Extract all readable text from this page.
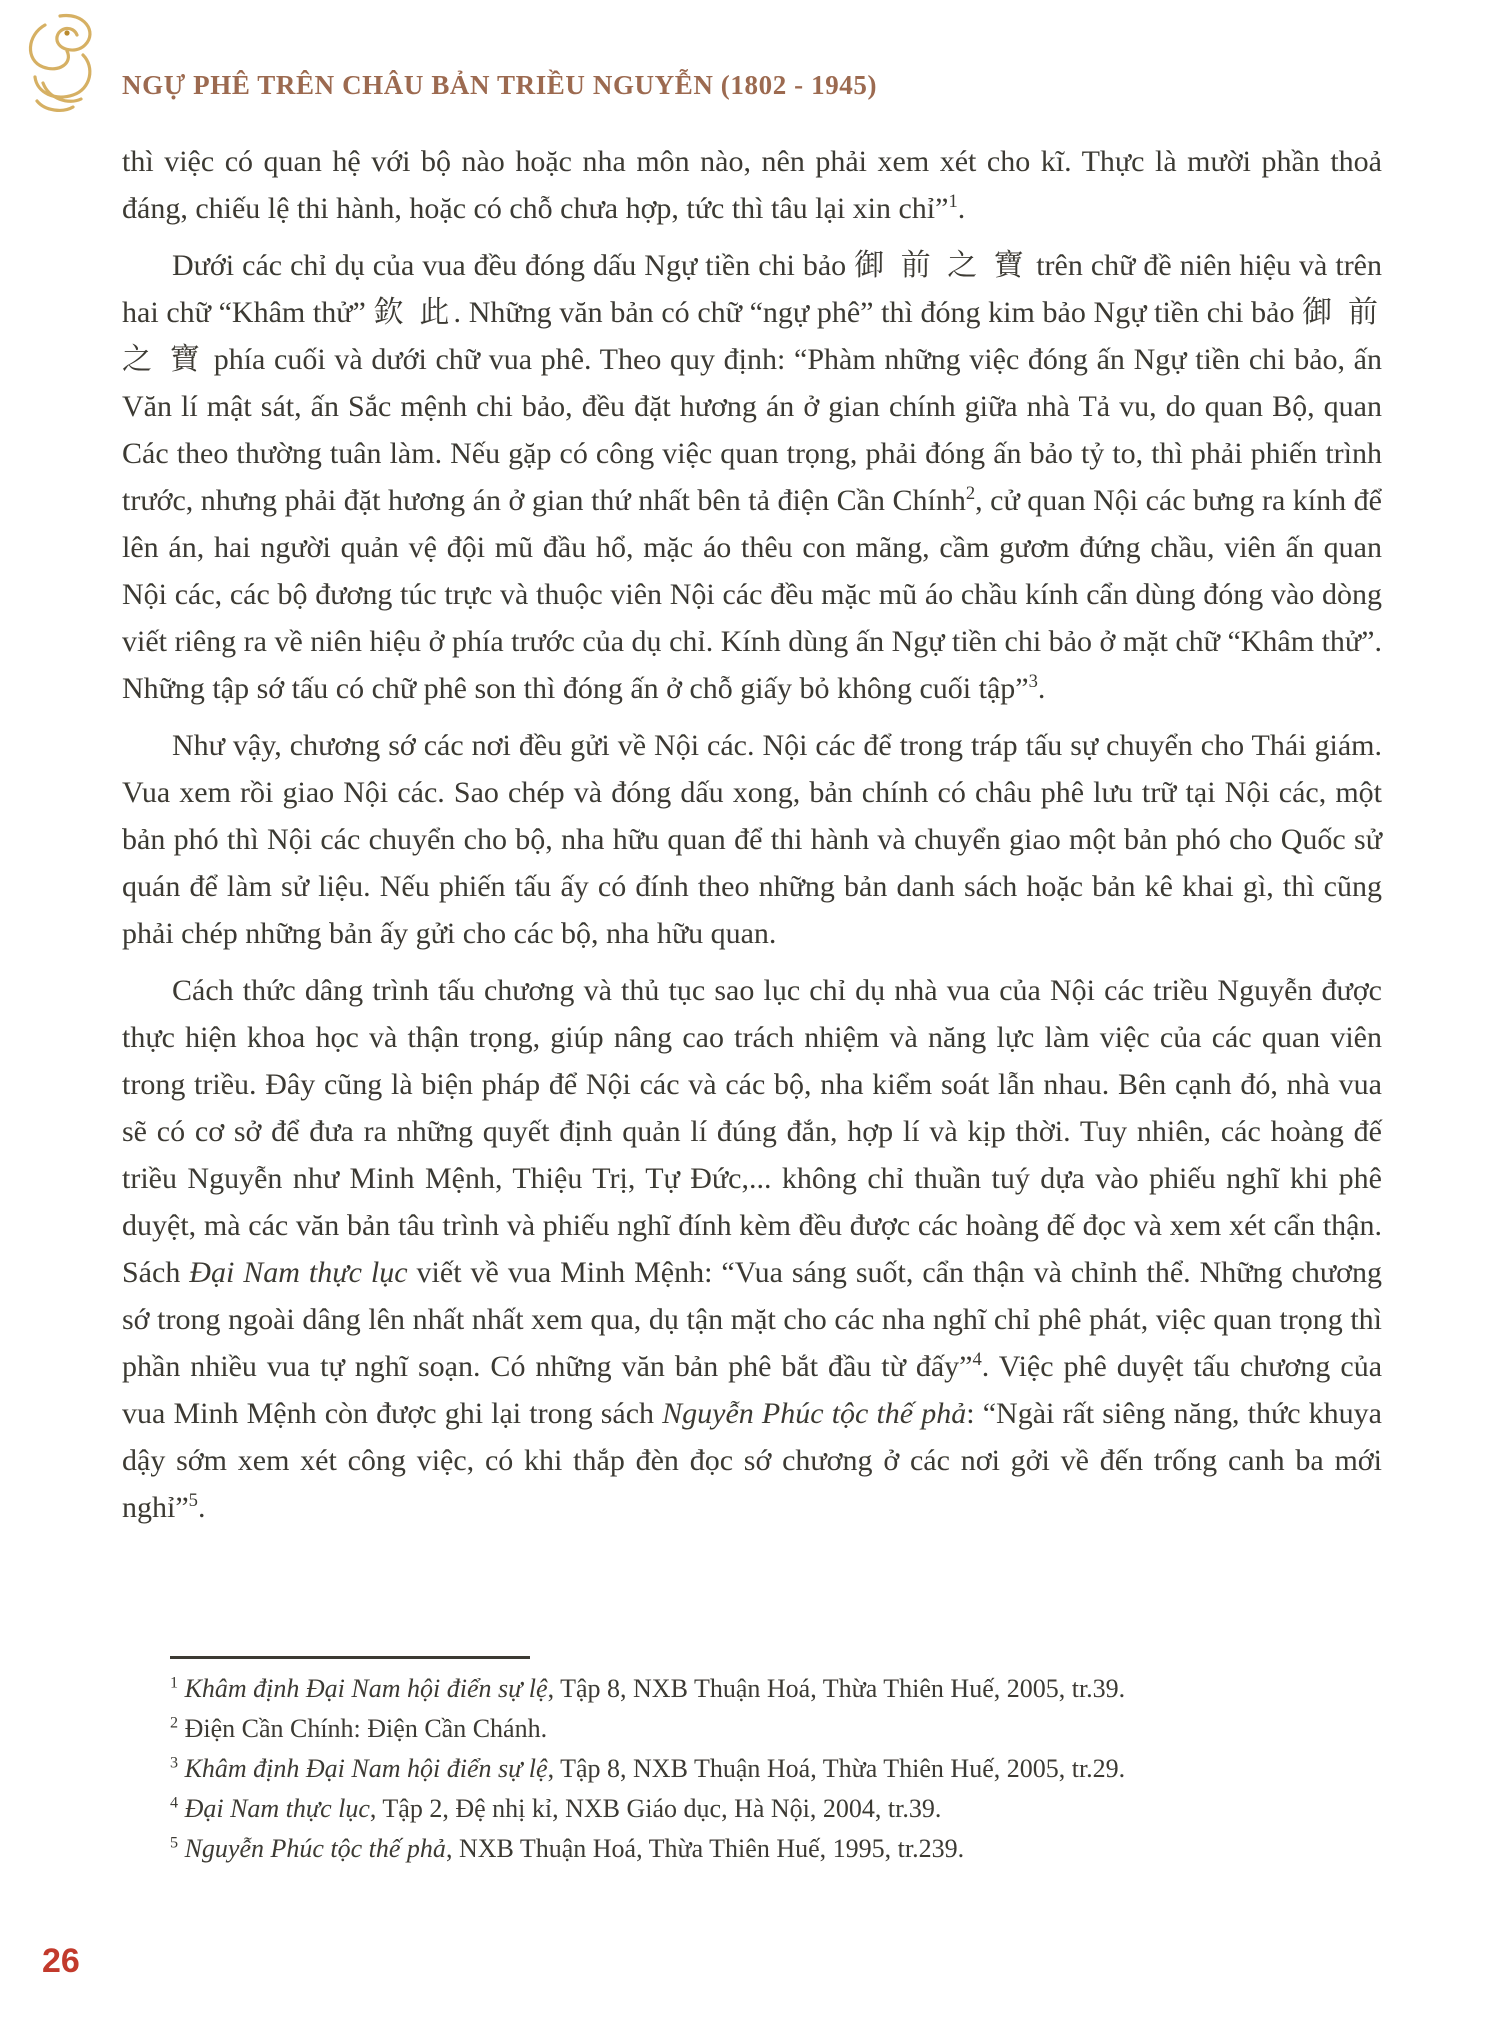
NGỰ PHÊ TRÊN CHÂU BẢN TRIỀU NGUYỄN (1802 - 1945)

thì việc có quan hệ với bộ nào hoặc nha môn nào, nên phải xem xét cho kĩ. Thực là mười phần thoả đáng, chiếu lệ thi hành, hoặc có chỗ chưa hợp, tức thì tâu lại xin chỉ”$^1$.

Dưới các chỉ dụ của vua đều đóng dấu Ngự tiền chi bảo 御 前 之 寶 trên chữ đề niên hiệu và trên hai chữ “Khâm thử” 欽 此. Những văn bản có chữ “ngự phê” thì đóng kim bảo Ngự tiền chi bảo 御 前 之 寶 phía cuối và dưới chữ vua phê. Theo quy định: “Phàm những việc đóng ấn Ngự tiền chi bảo, ấn Văn lí mật sát, ấn Sắc mệnh chi bảo, đều đặt hương án ở gian chính giữa nhà Tả vu, do quan Bộ, quan Các theo thường tuân làm. Nếu gặp có công việc quan trọng, phải đóng ấn bảo tỷ to, thì phải phiến trình trước, nhưng phải đặt hương án ở gian thứ nhất bên tả điện Cần Chính$^2$, cử quan Nội các bưng ra kính để lên án, hai người quản vệ đội mũ đầu hổ, mặc áo thêu con mãng, cầm gươm đứng chầu, viên ấn quan Nội các, các bộ đương túc trực và thuộc viên Nội các đều mặc mũ áo chầu kính cẩn dùng đóng vào dòng viết riêng ra về niên hiệu ở phía trước của dụ chỉ. Kính dùng ấn Ngự tiền chi bảo ở mặt chữ “Khâm thử”. Những tập sớ tấu có chữ phê son thì đóng ấn ở chỗ giấy bỏ không cuối tập”$^3$.

Như vậy, chương sớ các nơi đều gửi về Nội các. Nội các để trong tráp tấu sự chuyển cho Thái giám. Vua xem rồi giao Nội các. Sao chép và đóng dấu xong, bản chính có châu phê lưu trữ tại Nội các, một bản phó thì Nội các chuyển cho bộ, nha hữu quan để thi hành và chuyển giao một bản phó cho Quốc sử quán để làm sử liệu. Nếu phiến tấu ấy có đính theo những bản danh sách hoặc bản kê khai gì, thì cũng phải chép những bản ấy gửi cho các bộ, nha hữu quan.

Cách thức dâng trình tấu chương và thủ tục sao lục chỉ dụ nhà vua của Nội các triều Nguyễn được thực hiện khoa học và thận trọng, giúp nâng cao trách nhiệm và năng lực làm việc của các quan viên trong triều. Đây cũng là biện pháp để Nội các và các bộ, nha kiểm soát lẫn nhau. Bên cạnh đó, nhà vua sẽ có cơ sở để đưa ra những quyết định quản lí đúng đắn, hợp lí và kịp thời. Tuy nhiên, các hoàng đế triều Nguyễn như Minh Mệnh, Thiệu Trị, Tự Đức,... không chỉ thuần tuý dựa vào phiếu nghĩ khi phê duyệt, mà các văn bản tâu trình và phiếu nghĩ đính kèm đều được các hoàng đế đọc và xem xét cẩn thận. Sách Đại Nam thực lục viết về vua Minh Mệnh: “Vua sáng suốt, cẩn thận và chỉnh thể. Những chương sớ trong ngoài dâng lên nhất nhất xem qua, dụ tận mặt cho các nha nghĩ chỉ phê phát, việc quan trọng thì phần nhiều vua tự nghĩ soạn. Có những văn bản phê bắt đầu từ đấy”$^4$. Việc phê duyệt tấu chương của vua Minh Mệnh còn được ghi lại trong sách Nguyễn Phúc tộc thế phả: “Ngài rất siêng năng, thức khuya dậy sớm xem xét công việc, có khi thắp đèn đọc sớ chương ở các nơi gởi về đến trống canh ba mới nghỉ”$^5$.

$^1$ Khâm định Đại Nam hội điển sự lệ, Tập 8, NXB Thuận Hoá, Thừa Thiên Huế, 2005, tr.39.
$^2$ Điện Cần Chính: Điện Cần Chánh.
$^3$ Khâm định Đại Nam hội điển sự lệ, Tập 8, NXB Thuận Hoá, Thừa Thiên Huế, 2005, tr.29.
$^4$ Đại Nam thực lục, Tập 2, Đệ nhị kỉ, NXB Giáo dục, Hà Nội, 2004, tr.39.
$^5$ Nguyễn Phúc tộc thế phả, NXB Thuận Hoá, Thừa Thiên Huế, 1995, tr.239.
26
